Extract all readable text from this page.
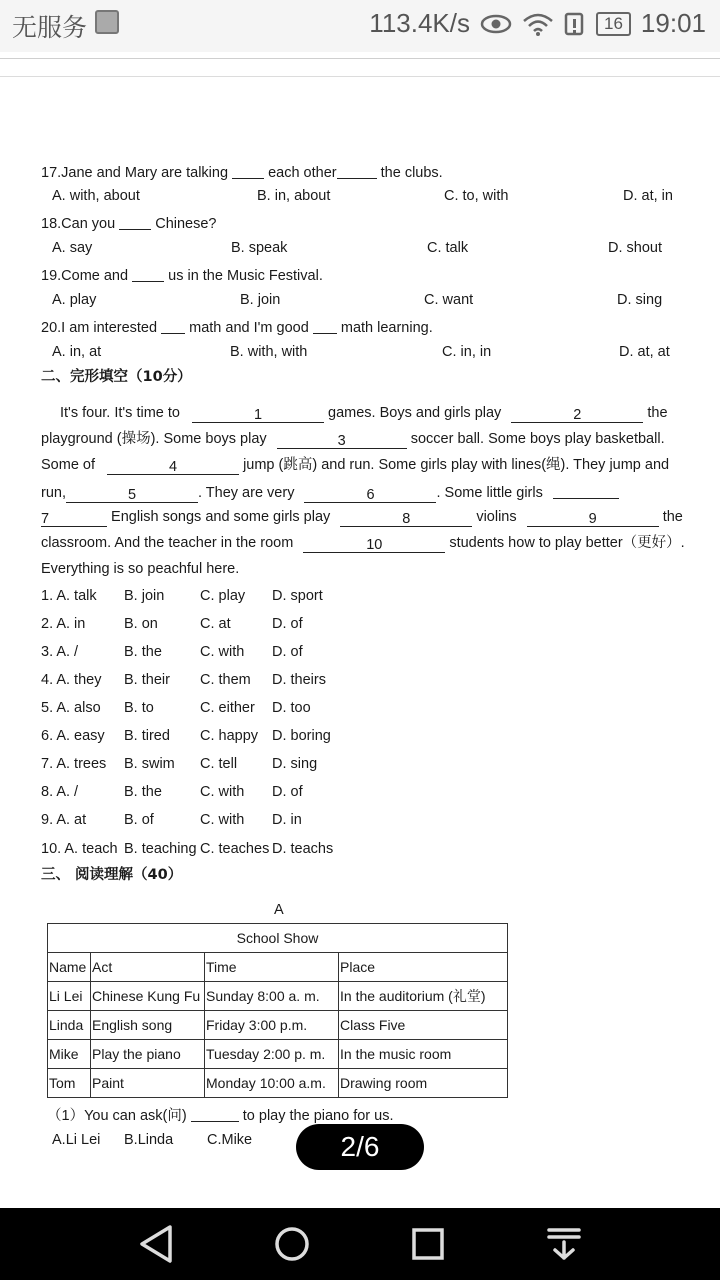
无服务	113.4K/s	16 19:01
17.Jane and Mary are talking	each other	the clubs.
A. with, about	B. in, about	C. to, with	D. at, in
18.Can you	Chinese?
A. say	B. speak	C. talk	D. shout
19.Come and	us in the Music Festival.
A. play	B. join	C. want	D. sing
20.I am interested math and I'm good math learning.
A. in, at	B. with, with	C. in, in	D. at, at
二、完形填空（10分）
It's four. It's time to	1	games. Boys and girls play	2	the
playground (操场). Some boys play	3	soccer ball. Some boys play basketball.
Some of	4	jump (跳高) and run. Some girls play with lines(绳). They jump and
run,	5	. They are very	6	. Some little girls
7	English songs and some girls play	8	violins	9	the
classroom. And the teacher in the room	10	students how to play better（更好）.
Everything is so peachful here.
1. A. talk B. join C. play D. sport
2. A. in	B. on	C. at	D. of
3. A. /	B. the	C. with D. of
4. A. they B. their C. them D. theirs
5. A. also B. to	C. either D. too
6. A. easy B. tired C. happy D. boring
7. A. trees B. swim C. tell D. sing
8. A. /	B. the	C. with D. of
9. A. at	B. of	C. with D. in
10. A. teach B. teaching C. teaches D. teachs
三、 阅读理解（40）
A
School Show			
Name	Act	Time	Place
Li Lei	Chinese Kung Fu	Sunday 8:00 a. m.	In the auditorium (礼堂)
Linda	English song	Friday 3:00 p.m.	Class Five
Mike	Play the piano	Tuesday 2:00 p. m.	In the music room
Tom	Paint	Monday 10:00 a.m.	Drawing room
（1）You can ask(问)	to play the piano for us.
A.Li Lei B.Linda C.Mike	2/6
